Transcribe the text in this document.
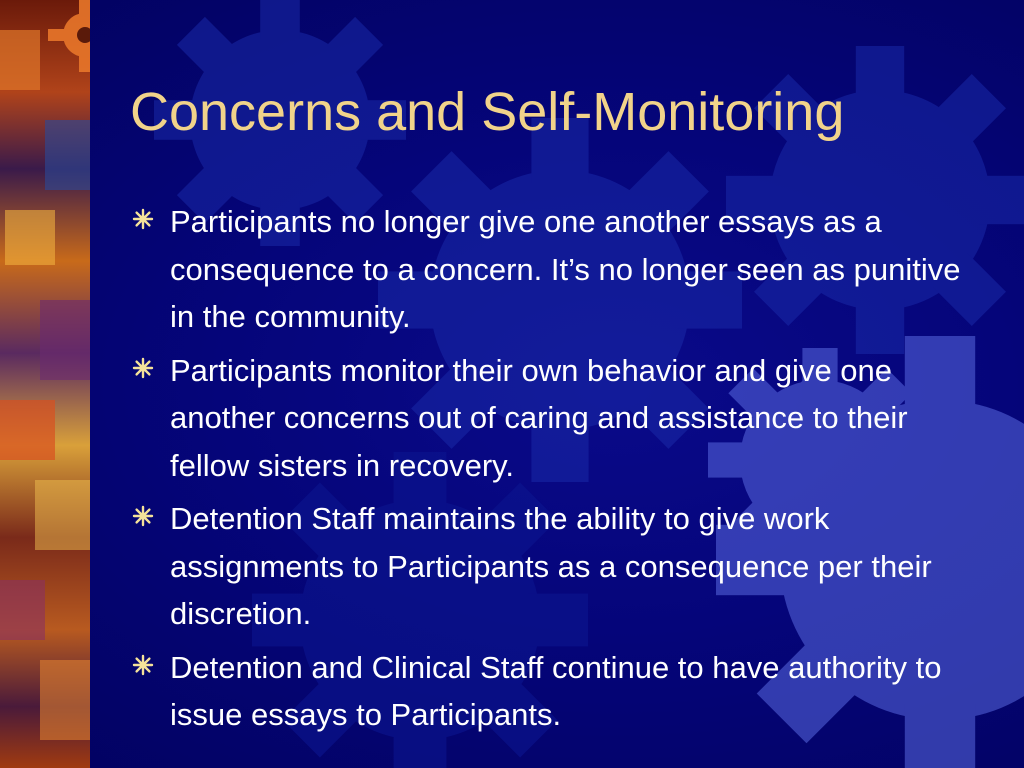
Concerns and Self-Monitoring
Participants no longer give one another essays as a consequence to a concern. It’s no longer seen as punitive in the community.
Participants monitor their own behavior and give one another concerns out of caring and assistance to their fellow sisters in recovery.
Detention Staff maintains the ability to give work assignments to Participants as a consequence per their discretion.
Detention and Clinical Staff continue to have authority to issue essays to Participants.
